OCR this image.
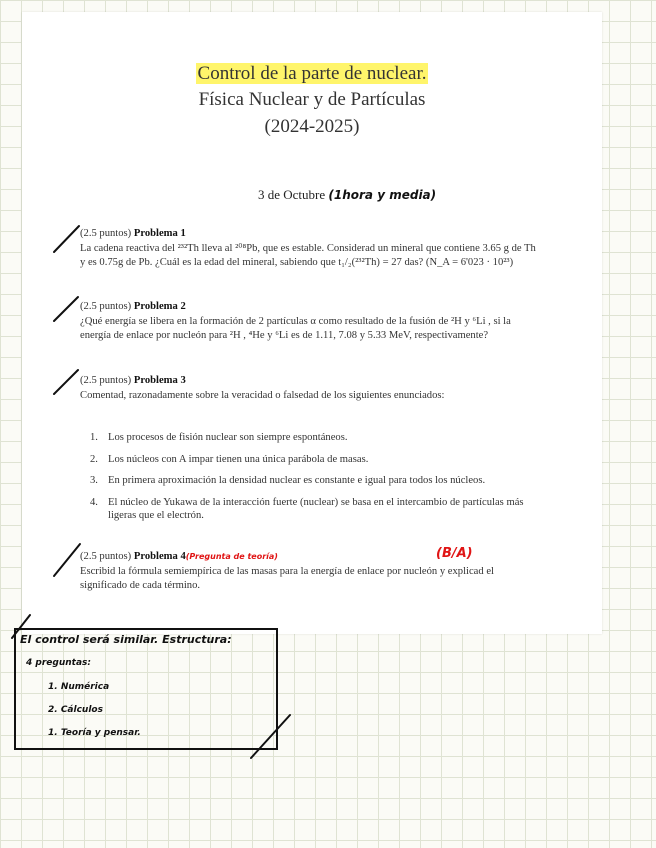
Control de la parte de nuclear.
Física Nuclear y de Partículas
(2024-2025)
3 de Octubre (1hora y media)
(2.5 puntos) Problema 1
La cadena reactiva del ²³²Th lleva al ²⁰⁸Pb, que es estable. Considerad un mineral que contiene 3.65 g de Th y es 0.75g de Pb. ¿Cuál es la edad del mineral, sabiendo que t₁/₂(²³²Th) = 27 das? (N_A = 6'023 · 10²³)
(2.5 puntos) Problema 2
¿Qué energía se libera en la formación de 2 partículas α como resultado de la fusión de ²H y ⁶Li , si la energía de enlace por nucleón para ²H , ⁴He y ⁶Li es de 1.11, 7.08 y 5.33 MeV, respectivamente?
(2.5 puntos) Problema 3
Comentad, razonadamente sobre la veracidad o falsedad de los siguientes enunciados:
1. Los procesos de fisión nuclear son siempre espontáneos.
2. Los núcleos con A impar tienen una única parábola de masas.
3. En primera aproximación la densidad nuclear es constante e igual para todos los núcleos.
4. El núcleo de Yukawa de la interacción fuerte (nuclear) se basa en el intercambio de partículas más ligeras que el electrón.
(2.5 puntos) Problema 4(Pregunta de teoría)	(B/A)
Escribid la fórmula semiempírica de las masas para la energía de enlace por nucleón y explicad el significado de cada término.
El control será similar. Estructura:
4 preguntas:
1. Numérica
2. Cálculos
1. Teoría y pensar.
